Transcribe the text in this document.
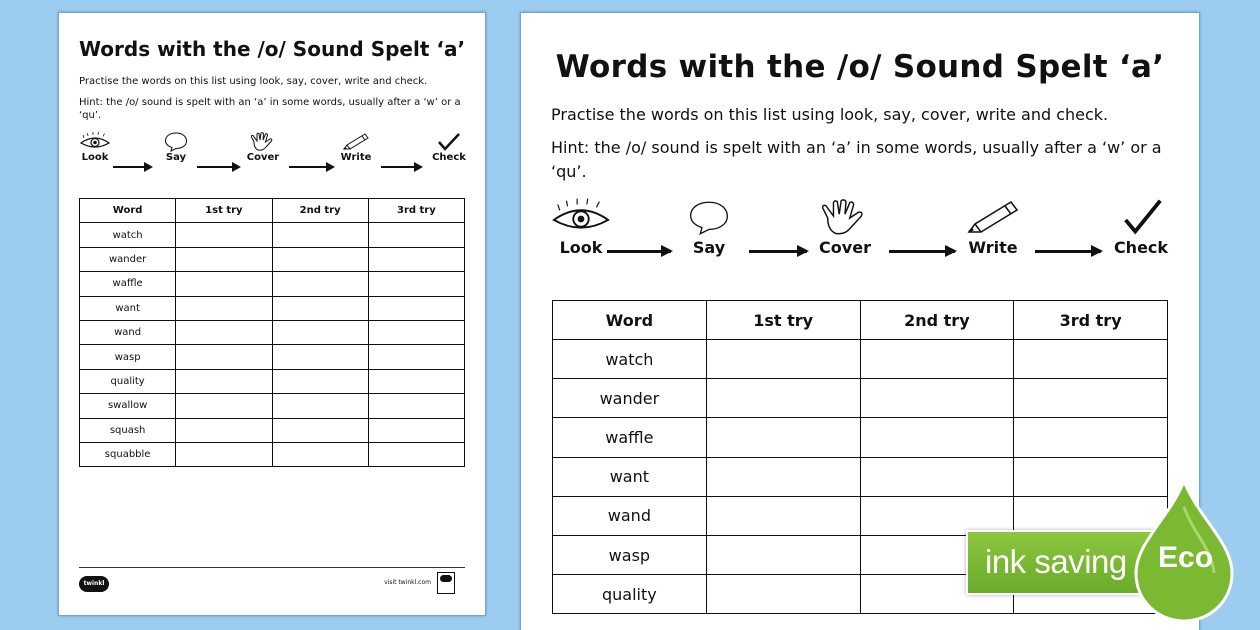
Words with the /o/ Sound Spelt ‘a’

Practise the words on this list using look, say, cover, write and check.

Hint: the /o/ sound is spelt with an ‘a’ in some words, usually after a ‘w’ or a ‘qu’.

Look	Say	Cover	Write	Check
Word	1st try	2nd try	3rd try
watch			
wander			
waffle			
want			
wand			
wasp			
quality			
swallow			
squash			
squabble			
twinkl	visit twinkl.com
Words with the /o/ Sound Spelt ‘a’

Practise the words on this list using look, say, cover, write and check.

Hint: the /o/ sound is spelt with an ‘a’ in some words, usually after a ‘w’ or a ‘qu’.

Look	Say	Cover	Write	Check
Word	1st try	2nd try	3rd try
watch			
wander			
waffle			
want			
wand			
wasp			
quality			
ink saving Eco
